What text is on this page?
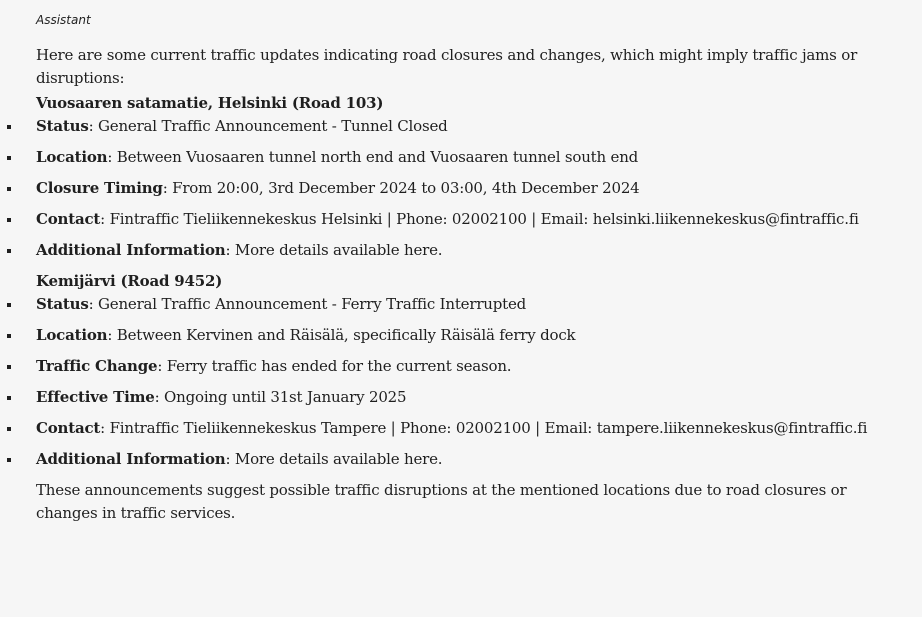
Assistant

Here are some current traffic updates indicating road closures and changes, which might imply traffic jams or disruptions:

Vuosaaren satamatie, Helsinki (Road 103)
Status: General Traffic Announcement - Tunnel Closed
Location: Between Vuosaaren tunnel north end and Vuosaaren tunnel south end
Closure Timing: From 20:00, 3rd December 2024 to 03:00, 4th December 2024
Contact: Fintraffic Tieliikennekeskus Helsinki | Phone: 02002100 | Email: helsinki.liikennekeskus@fintraffic.fi
Additional Information: More details available here.
Kemijärvi (Road 9452)
Status: General Traffic Announcement - Ferry Traffic Interrupted
Location: Between Kervinen and Räisälä, specifically Räisälä ferry dock
Traffic Change: Ferry traffic has ended for the current season.
Effective Time: Ongoing until 31st January 2025
Contact: Fintraffic Tieliikennekeskus Tampere | Phone: 02002100 | Email: tampere.liikennekeskus@fintraffic.fi
Additional Information: More details available here.

These announcements suggest possible traffic disruptions at the mentioned locations due to road closures or changes in traffic services.
